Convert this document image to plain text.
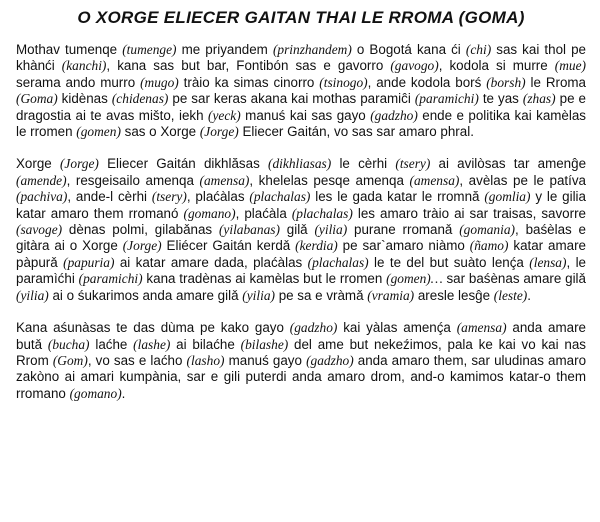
O XORGE ELIECER GAITAN THAI LE RROMA (GOMA)

Mothav tumenqe (tumenge) me priyandem (prinzhandem) o Bogotá kana ći (chi) sas kai thol pe khànći (kanchi), kana sas but bar, Fontibón sas e gavorro (gavogo), kodola si murre (mue) serama ando murro (mugo) tràio ka simas cinorro (tsinogo), ande kodola borś (borsh) le Rroma (Goma) kidènas (chidenas) pe sar keras akana kai mothas paramiĉi (paramichi) te yas (zhas) pe e dragostia ai te avas mišto, iekh (yeck) manuś kai sas gayo (gadzho) ende e politika kai kamèlas le rromen (gomen) sas o Xorge (Jorge) Eliecer Gaitán, vo sas sar amaro phral.

Xorge (Jorge) Eliecer Gaitán dikhlăsas (dikhliasas) le cèrhi (tsery) ai avilòsas tar amenĝe (amende), resgeisailo amenqa (amensa), khelelas pesqe amenqa (amensa), avèlas pe le patíva (pachiva), ande-l cèrhi (tsery), plaćàlas (plachalas) les le gada katar le rromnă (gomlia) y le gilia katar amaro them rromanó (gomano), plaćàla (plachalas) les amaro tràio ai sar traisas, savorre (savoge) dènas polmi, gilabǎnas (yilabanas) gilǎ (yilia) purane rromanǎ (gomania), baśèlas e gitàra ai o Xorge (Jorge) Eliécer Gaitán kerdǎ (kerdia) pe sar`amaro niàmo (ñamo) katar amare pàpurǎ (papuria) ai katar amare dada, plaćàlas (plachalas) le te del but suàto lenḉa (lensa), le paramìćhi (paramichi) kana tradènas ai kamèlas but le rromen (gomen)… sar baśènas amare gilǎ (yilia) ai o śukarimos anda amare gilǎ (yilia) pe sa e vràmǎ (vramia) aresle lesĝe (leste).

Kana aśunàsas te das dùma pe kako gayo (gadzho) kai yàlas amenḉa (amensa) anda amare butǎ (bucha) laćhe (lashe) ai bilaćhe (bilashe) del ame but nekeźimos, pala ke kai vo kai nas Rrom (Gom), vo sas e laćho (lasho) manuś gayo (gadzho) anda amaro them, sar uludinas amaro zakòno ai amari kumpània, sar e gili puterdi anda amaro drom, and-o kamimos katar-o them rromano (gomano).
